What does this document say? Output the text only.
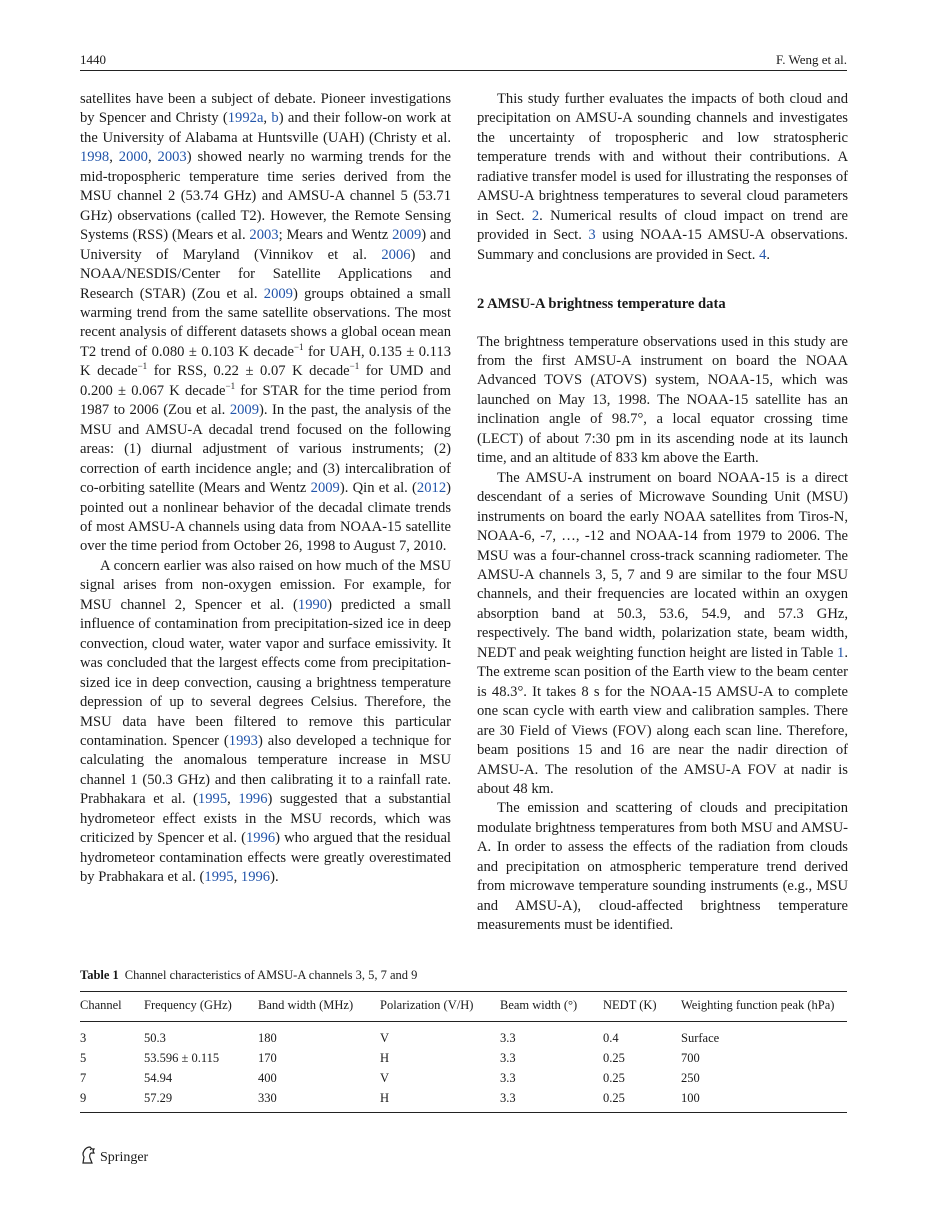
1440	F. Weng et al.

satellites have been a subject of debate. Pioneer investigations by Spencer and Christy (1992a, b) and their follow-on work at the University of Alabama at Huntsville (UAH) (Christy et al. 1998, 2000, 2003) showed nearly no warming trends for the mid-tropospheric temperature time series derived from the MSU channel 2 (53.74 GHz) and AMSU-A channel 5 (53.71 GHz) observations (called T2). However, the Remote Sensing Systems (RSS) (Mears et al. 2003; Mears and Wentz 2009) and University of Maryland (Vinnikov et al. 2006) and NOAA/NESDIS/Center for Satellite Applications and Research (STAR) (Zou et al. 2009) groups obtained a small warming trend from the same satellite observations. The most recent analysis of different datasets shows a global ocean mean T2 trend of 0.080 ± 0.103 K decade$^{-1}$ for UAH, 0.135 ± 0.113 K decade$^{-1}$ for RSS, 0.22 ± 0.07 K decade$^{-1}$ for UMD and 0.200 ± 0.067 K decade$^{-1}$ for STAR for the time period from 1987 to 2006 (Zou et al. 2009). In the past, the analysis of the MSU and AMSU-A decadal trend focused on the following areas: (1) diurnal adjustment of various instruments; (2) correction of earth incidence angle; and (3) intercalibration of co-orbiting satellite (Mears and Wentz 2009). Qin et al. (2012) pointed out a nonlinear behavior of the decadal climate trends of most AMSU-A channels using data from NOAA-15 satellite over the time period from October 26, 1998 to August 7, 2010.

A concern earlier was also raised on how much of the MSU signal arises from non-oxygen emission. For example, for MSU channel 2, Spencer et al. (1990) predicted a small influence of contamination from precipitation-sized ice in deep convection, cloud water, water vapor and surface emissivity. It was concluded that the largest effects come from precipitation-sized ice in deep convection, causing a brightness temperature depression of up to several degrees Celsius. Therefore, the MSU data have been filtered to remove this particular contamination. Spencer (1993) also developed a technique for calculating the anomalous temperature increase in MSU channel 1 (50.3 GHz) and then calibrating it to a rainfall rate. Prabhakara et al. (1995, 1996) suggested that a substantial hydrometeor effect exists in the MSU records, which was criticized by Spencer et al. (1996) who argued that the residual hydrometeor contamination effects were greatly overestimated by Prabhakara et al. (1995, 1996).

This study further evaluates the impacts of both cloud and precipitation on AMSU-A sounding channels and investigates the uncertainty of tropospheric and low stratospheric temperature trends with and without their contributions. A radiative transfer model is used for illustrating the responses of AMSU-A brightness temperatures to several cloud parameters in Sect. 2. Numerical results of cloud impact on trend are provided in Sect. 3 using NOAA-15 AMSU-A observations. Summary and conclusions are provided in Sect. 4.

2 AMSU-A brightness temperature data

The brightness temperature observations used in this study are from the first AMSU-A instrument on board the NOAA Advanced TOVS (ATOVS) system, NOAA-15, which was launched on May 13, 1998. The NOAA-15 satellite has an inclination angle of 98.7°, a local equator crossing time (LECT) of about 7:30 pm in its ascending node at its launch time, and an altitude of 833 km above the Earth.

The AMSU-A instrument on board NOAA-15 is a direct descendant of a series of Microwave Sounding Unit (MSU) instruments on board the early NOAA satellites from Tiros-N, NOAA-6, -7, …, -12 and NOAA-14 from 1979 to 2006. The MSU was a four-channel cross-track scanning radiometer. The AMSU-A channels 3, 5, 7 and 9 are similar to the four MSU channels, and their frequencies are located within an oxygen absorption band at 50.3, 53.6, 54.9, and 57.3 GHz, respectively. The band width, polarization state, beam width, NEDT and peak weighting function height are listed in Table 1. The extreme scan position of the Earth view to the beam center is 48.3°. It takes 8 s for the NOAA-15 AMSU-A to complete one scan cycle with earth view and calibration samples. There are 30 Field of Views (FOV) along each scan line. Therefore, beam positions 15 and 16 are near the nadir direction of AMSU-A. The resolution of the AMSU-A FOV at nadir is about 48 km.

The emission and scattering of clouds and precipitation modulate brightness temperatures from both MSU and AMSU-A. In order to assess the effects of the radiation from clouds and precipitation on atmospheric temperature trend derived from microwave temperature sounding instruments (e.g., MSU and AMSU-A), cloud-affected brightness temperature measurements must be identified.

Table 1 Channel characteristics of AMSU-A channels 3, 5, 7 and 9
Channel	Frequency (GHz)	Band width (MHz)	Polarization (V/H)	Beam width (°)	NEDT (K)	Weighting function peak (hPa)
3	50.3	180	V	3.3	0.4	Surface
5	53.596 ± 0.115	170	H	3.3	0.25	700
7	54.94	400	V	3.3	0.25	250
9	57.29	330	H	3.3	0.25	100
Springer
